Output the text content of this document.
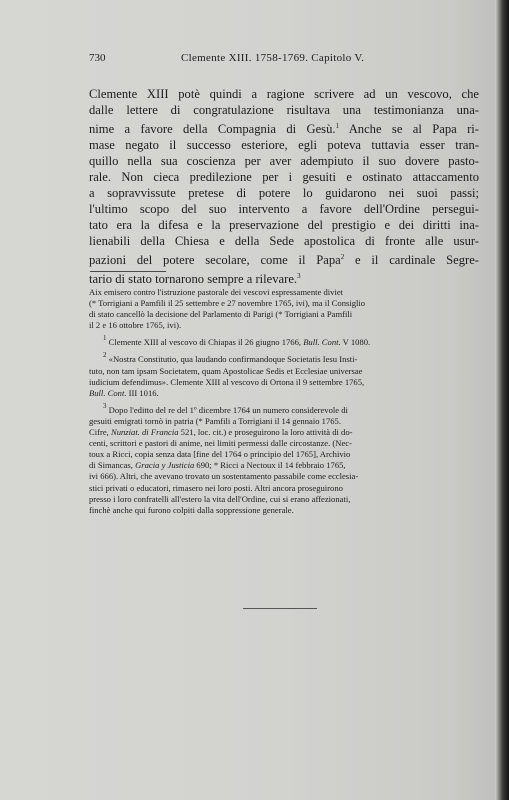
730	Clemente XIII. 1758-1769. Capitolo V.
Clemente XIII potè quindi a ragione scrivere ad un vescovo, che
dalle lettere di congratulazione risultava una testimonianza una-
nime a favore della Compagnia di Gesù.$^1$ Anche se al Papa ri-
mase negato il successo esteriore, egli poteva tuttavia esser tran-
quillo nella sua coscienza per aver adempiuto il suo dovere pasto-
rale. Non cieca predilezione per i gesuiti e ostinato attaccamento
a sopravvissute pretese di potere lo guidarono nei suoi passi;
l'ultimo scopo del suo intervento a favore dell'Ordine persegui-
tato era la difesa e la preservazione del prestigio e dei diritti ina-
lienabili della Chiesa e della Sede apostolica di fronte alle usur-
pazioni del potere secolare, come il Papa$^2$ e il cardinale Segre-
tario di stato tornarono sempre a rilevare.$^3$
Aix emisero contro l'istruzione pastorale dei vescovi espressamente diviet
(* Torrigiani a Pamfili il 25 settembre e 27 novembre 1765, ivi), ma il Consiglio
di stato cancellò la decisione del Parlamento di Parigi (* Torrigiani a Pamfili
il 2 e 16 ottobre 1765, ivi).
$^1$ Clemente XIII al vescovo di Chiapas il 26 giugno 1766, Bull. Cont. V 1080.
$^2$ «Nostra Constitutio, qua laudando confirmandoque Societatis Iesu Insti-
tuto, non tam ipsam Societatem, quam Apostolicae Sedis et Ecclesiae universae
iudicium defendimus». Clemente XIII al vescovo di Ortona il 9 settembre 1765,
Bull. Cont. III 1016.
$^3$ Dopo l'editto del re del 1º dicembre 1764 un numero considerevole di
gesuiti emigrati tornò in patria (* Pamfili a Torrigiani il 14 gennaio 1765.
Cifre, Nunziat. di Francia 521, loc. cit.) e proseguirono la loro attività di do-
centi, scrittori e pastori di anime, nei limiti permessi dalle circostanze. (Nec-
toux a Ricci, copia senza data [fine del 1764 o principio del 1765], Archivio
di Simancas, Gracia y Justicia 690; * Ricci a Nectoux il 14 febbraio 1765,
ivi 666). Altri, che avevano trovato un sostentamento passabile come ecclesia-
stici privati o educatori, rimasero nei loro posti. Altri ancora proseguirono
presso i loro confratelli all'estero la vita dell'Ordine, cui si erano affezionati,
finchè anche qui furono colpiti dalla soppressione generale.
